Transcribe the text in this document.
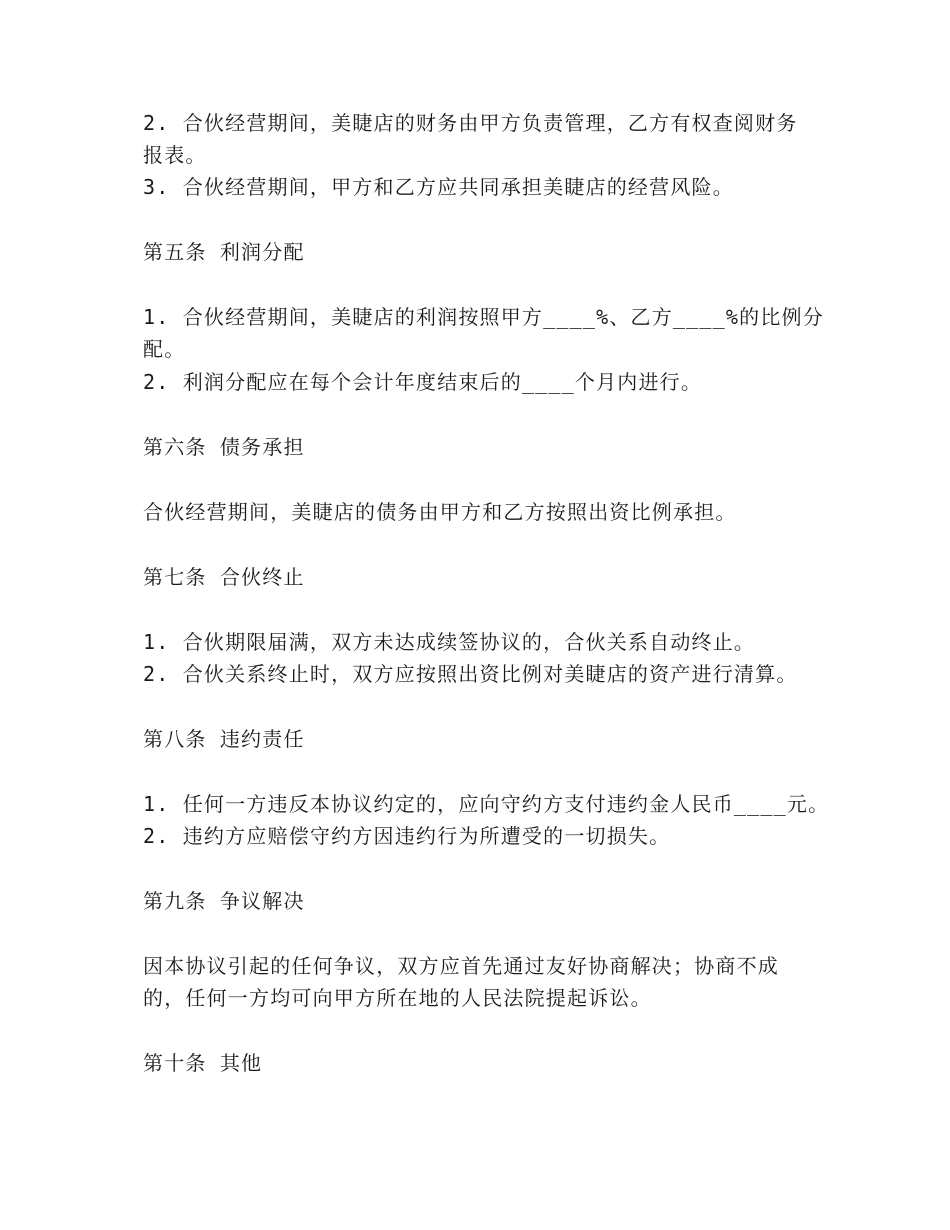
2. 合伙经营期间，美睫店的财务由甲方负责管理，乙方有权查阅财务
报表。
3. 合伙经营期间，甲方和乙方应共同承担美睫店的经营风险。
第五条 利润分配
1. 合伙经营期间，美睫店的利润按照甲方____%、乙方____%的比例分
配。
2. 利润分配应在每个会计年度结束后的____个月内进行。
第六条 债务承担
合伙经营期间，美睫店的债务由甲方和乙方按照出资比例承担。
第七条 合伙终止
1. 合伙期限届满，双方未达成续签协议的，合伙关系自动终止。
2. 合伙关系终止时，双方应按照出资比例对美睫店的资产进行清算。
第八条 违约责任
1. 任何一方违反本协议约定的，应向守约方支付违约金人民币____元。
2. 违约方应赔偿守约方因违约行为所遭受的一切损失。
第九条 争议解决
因本协议引起的任何争议，双方应首先通过友好协商解决；协商不成
的，任何一方均可向甲方所在地的人民法院提起诉讼。
第十条 其他
